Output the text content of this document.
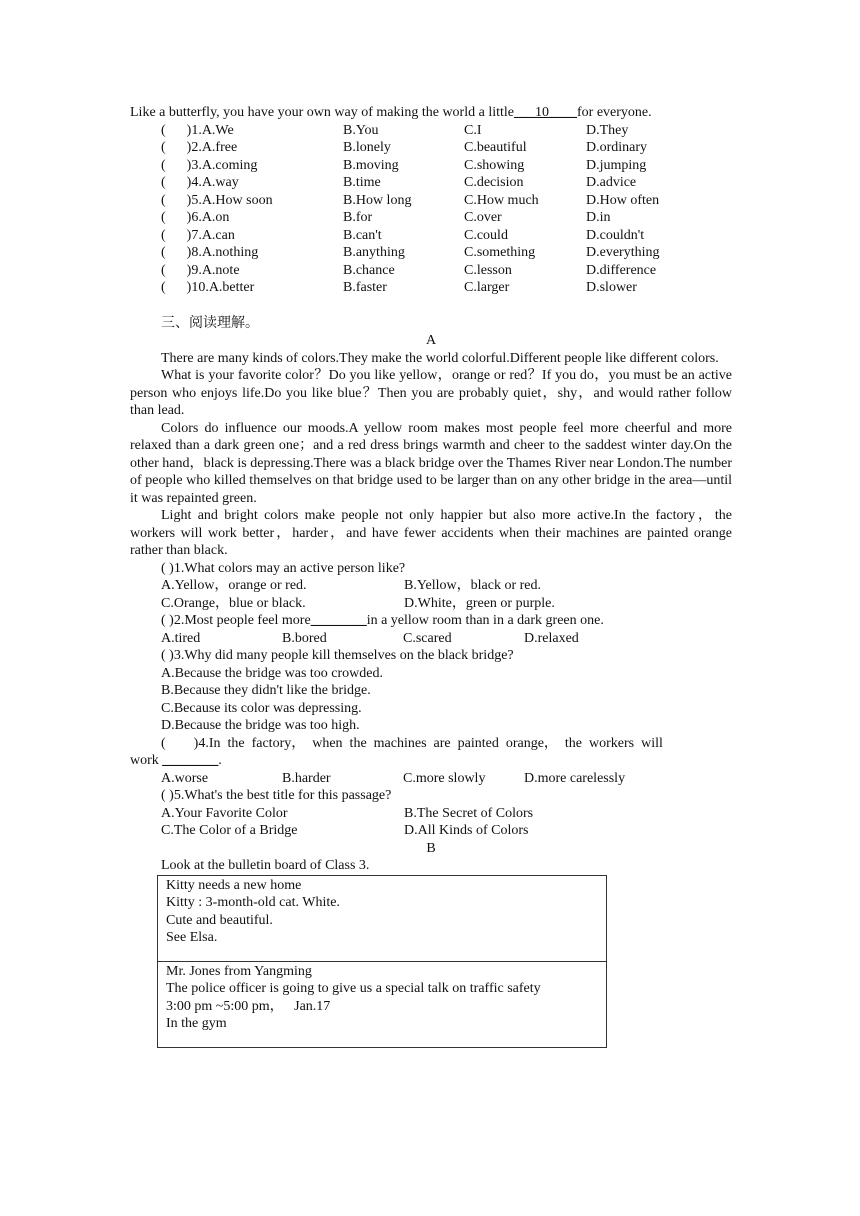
Like a butterfly, you have your own way of making the world a little___10____for everyone.
(      )1.A.We	B.You	C.I	D.They
(      )2.A.free	B.lonely	C.beautiful	D.ordinary
(      )3.A.coming	B.moving	C.showing	D.jumping
(      )4.A.way	B.time	C.decision	D.advice
(      )5.A.How soon	B.How long	C.How much	D.How often
(      )6.A.on	B.for	C.over	D.in
(      )7.A.can	B.can't	C.could	D.couldn't
(      )8.A.nothing	B.anything	C.something	D.everything
(      )9.A.note	B.chance	C.lesson	D.difference
(      )10.A.better	B.faster	C.larger	D.slower
三、阅读理解。
A

There are many kinds of colors.They make the world colorful.Different people like different colors.

What is your favorite color？Do you like yellow，orange or red？If you do，you must be an active person who enjoys life.Do you like blue？Then you are probably quiet，shy，and would rather follow than lead.

Colors do influence our moods.A yellow room makes most people feel more cheerful and more relaxed than a dark green one；and a red dress brings warmth and cheer to the saddest winter day.On the other hand，black is depressing.There was a black bridge over the Thames River near London.The number of people who killed themselves on that bridge used to be larger than on any other bridge in the area—until it was repainted green.

Light and bright colors make people not only happier but also more active.In the factory，the workers will work better，harder，and have fewer accidents when their machines are painted orange rather than black.

( )1.What colors may an active person like?
A.Yellow，orange or red.	B.Yellow，black or red.
C.Orange，blue or black.	D.White，green or purple.
( )2.Most people feel more________in a yellow room than in a dark green one.
A.tired	B.bored	C.scared	D.relaxed
( )3.Why did many people kill themselves on the black bridge?
A.Because the bridge was too crowded.
B.Because they didn't like the bridge.
C.Because its color was depressing.
D.Because the bridge was too high.
(        )4.In  the  factory，  when  the  machines  are  painted  orange，  the  workers  will
work ________.
A.worse	B.harder	C.more slowly	D.more carelessly
( )5.What's the best title for this passage?
A.Your Favorite Color	B.The Secret of Colors
C.The Color of a Bridge	D.All Kinds of Colors
B
Look at the bulletin board of Class 3.
Kitty needs a new home
Kitty : 3-month-old cat. White.
Cute and beautiful.
See Elsa.
Mr. Jones from Yangming
The police officer is going to give us a special talk on traffic safety
3:00 pm ~5:00 pm，   Jan.17
In the gym
